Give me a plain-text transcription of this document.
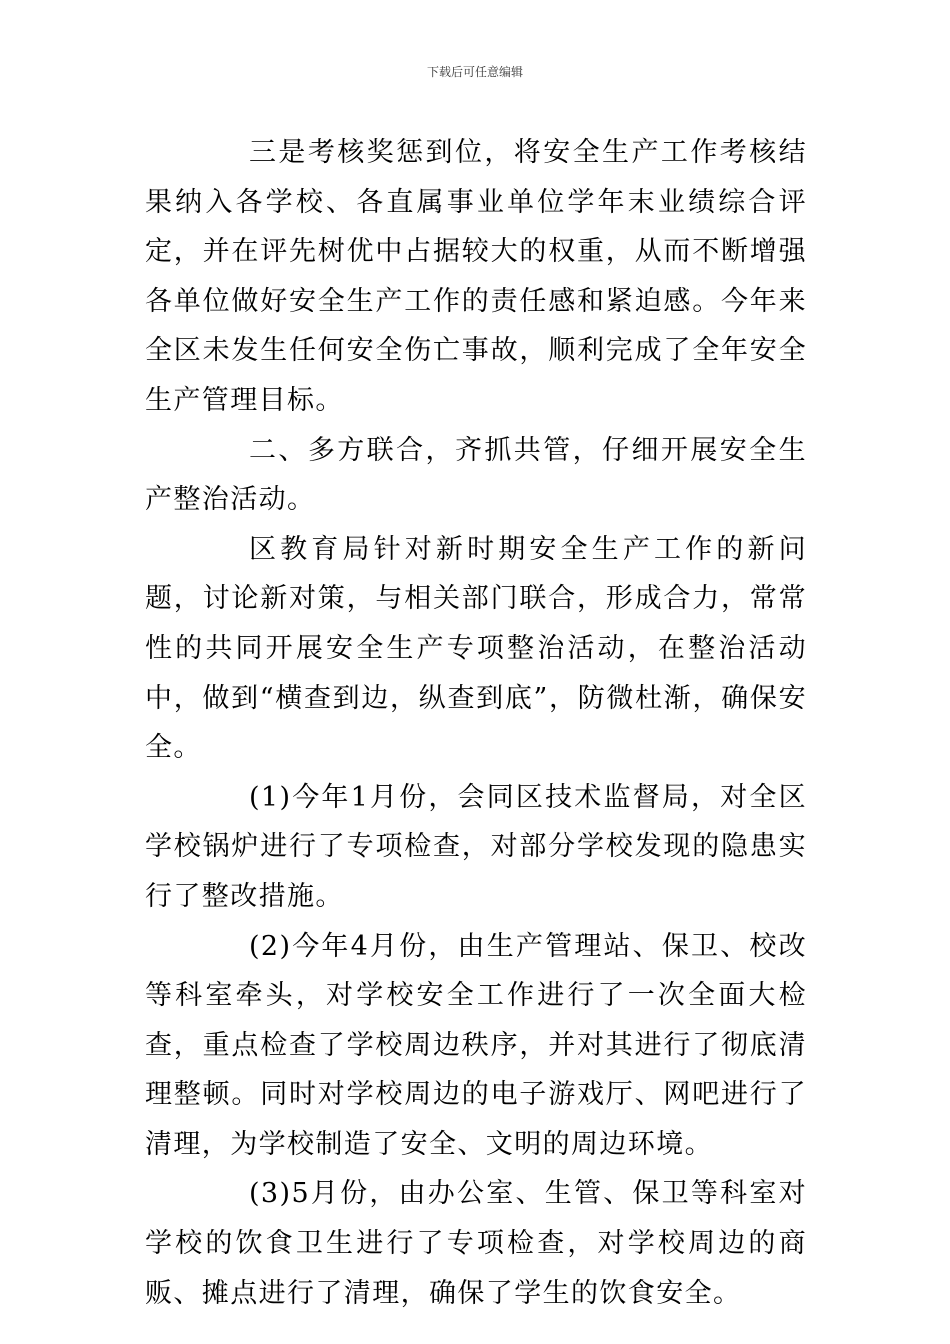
下载后可任意编辑

三是考核奖惩到位，将安全生产工作考核结果纳入各学校、各直属事业单位学年末业绩综合评定，并在评先树优中占据较大的权重，从而不断增强各单位做好安全生产工作的责任感和紧迫感。今年来全区未发生任何安全伤亡事故，顺利完成了全年安全生产管理目标。

二、多方联合，齐抓共管，仔细开展安全生产整治活动。

区教育局针对新时期安全生产工作的新问题，讨论新对策，与相关部门联合，形成合力，常常性的共同开展安全生产专项整治活动，在整治活动中，做到“横查到边，纵查到底”，防微杜渐，确保安全。

(1)今年1月份，会同区技术监督局，对全区学校锅炉进行了专项检查，对部分学校发现的隐患实行了整改措施。

(2)今年4月份，由生产管理站、保卫、校改等科室牵头，对学校安全工作进行了一次全面大检查，重点检查了学校周边秩序，并对其进行了彻底清理整顿。同时对学校周边的电子游戏厅、网吧进行了清理，为学校制造了安全、文明的周边环境。

(3)5月份，由办公室、生管、保卫等科室对学校的饮食卫生进行了专项检查，对学校周边的商贩、摊点进行了清理，确保了学生的饮食安全。
